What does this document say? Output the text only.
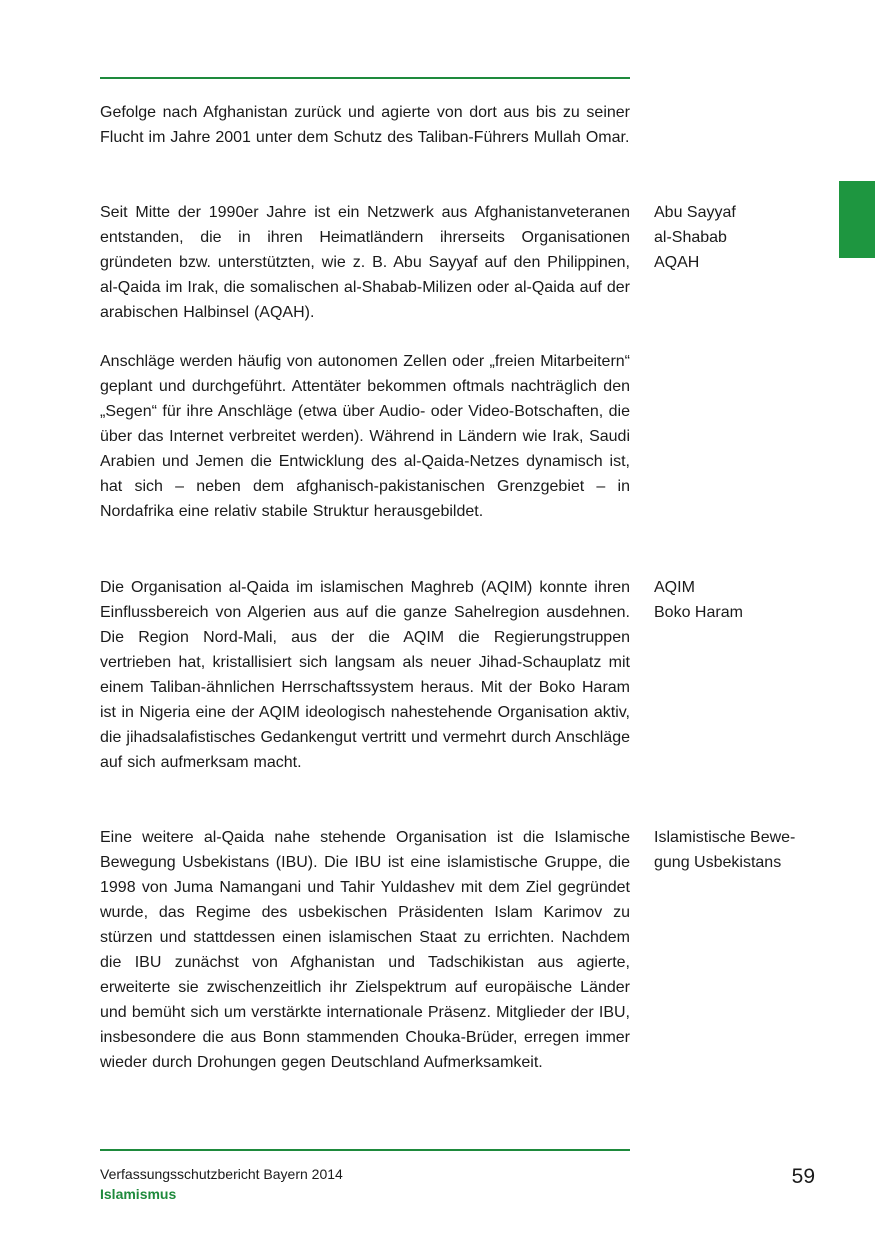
Gefolge nach Afghanistan zurück und agierte von dort aus bis zu seiner Flucht im Jahre 2001 unter dem Schutz des Taliban-Führers Mullah Omar.

Seit Mitte der 1990er Jahre ist ein Netzwerk aus Afghanistanveteranen entstanden, die in ihren Heimatländern ihrerseits Organisationen gründeten bzw. unterstützten, wie z. B. Abu Sayyaf auf den Philippinen, al-Qaida im Irak, die somalischen al-Shabab-Milizen oder al-Qaida auf der arabischen Halbinsel (AQAH).

Anschläge werden häufig von autonomen Zellen oder „freien Mitarbeitern“ geplant und durchgeführt. Attentäter bekommen oftmals nachträglich den „Segen“ für ihre Anschläge (etwa über Audio- oder Video-Botschaften, die über das Internet verbreitet werden). Während in Ländern wie Irak, Saudi Arabien und Jemen die Entwicklung des al-Qaida-Netzes dynamisch ist, hat sich – neben dem afghanisch-pakistanischen Grenzgebiet – in Nordafrika eine relativ stabile Struktur herausgebildet.

Die Organisation al-Qaida im islamischen Maghreb (AQIM) konnte ihren Einflussbereich von Algerien aus auf die ganze Sahelregion ausdehnen. Die Region Nord-Mali, aus der die AQIM die Regierungstruppen vertrieben hat, kristallisiert sich langsam als neuer Jihad-Schauplatz mit einem Taliban-ähnlichen Herrschaftssystem heraus. Mit der Boko Haram ist in Nigeria eine der AQIM ideologisch nahestehende Organisation aktiv, die jihadsalafistisches Gedankengut vertritt und vermehrt durch Anschläge auf sich aufmerksam macht.

Eine weitere al-Qaida nahe stehende Organisation ist die Islamische Bewegung Usbekistans (IBU). Die IBU ist eine islamistische Gruppe, die 1998 von Juma Namangani und Tahir Yuldashev mit dem Ziel gegründet wurde, das Regime des usbekischen Präsidenten Islam Karimov zu stürzen und stattdessen einen islamischen Staat zu errichten. Nachdem die IBU zunächst von Afghanistan und Tadschikistan aus agierte, erweiterte sie zwischenzeitlich ihr Zielspektrum auf europäische Länder und bemüht sich um verstärkte internationale Präsenz. Mitglieder der IBU, insbesondere die aus Bonn stammenden Chouka-Brüder, erregen immer wieder durch Drohungen gegen Deutschland Aufmerksamkeit.

Abu Sayyaf
al-Shabab
AQAH
AQIM
Boko Haram
Islamistische Bewe-
gung Usbekistans
Verfassungsschutzbericht Bayern 2014
Islamismus
59
